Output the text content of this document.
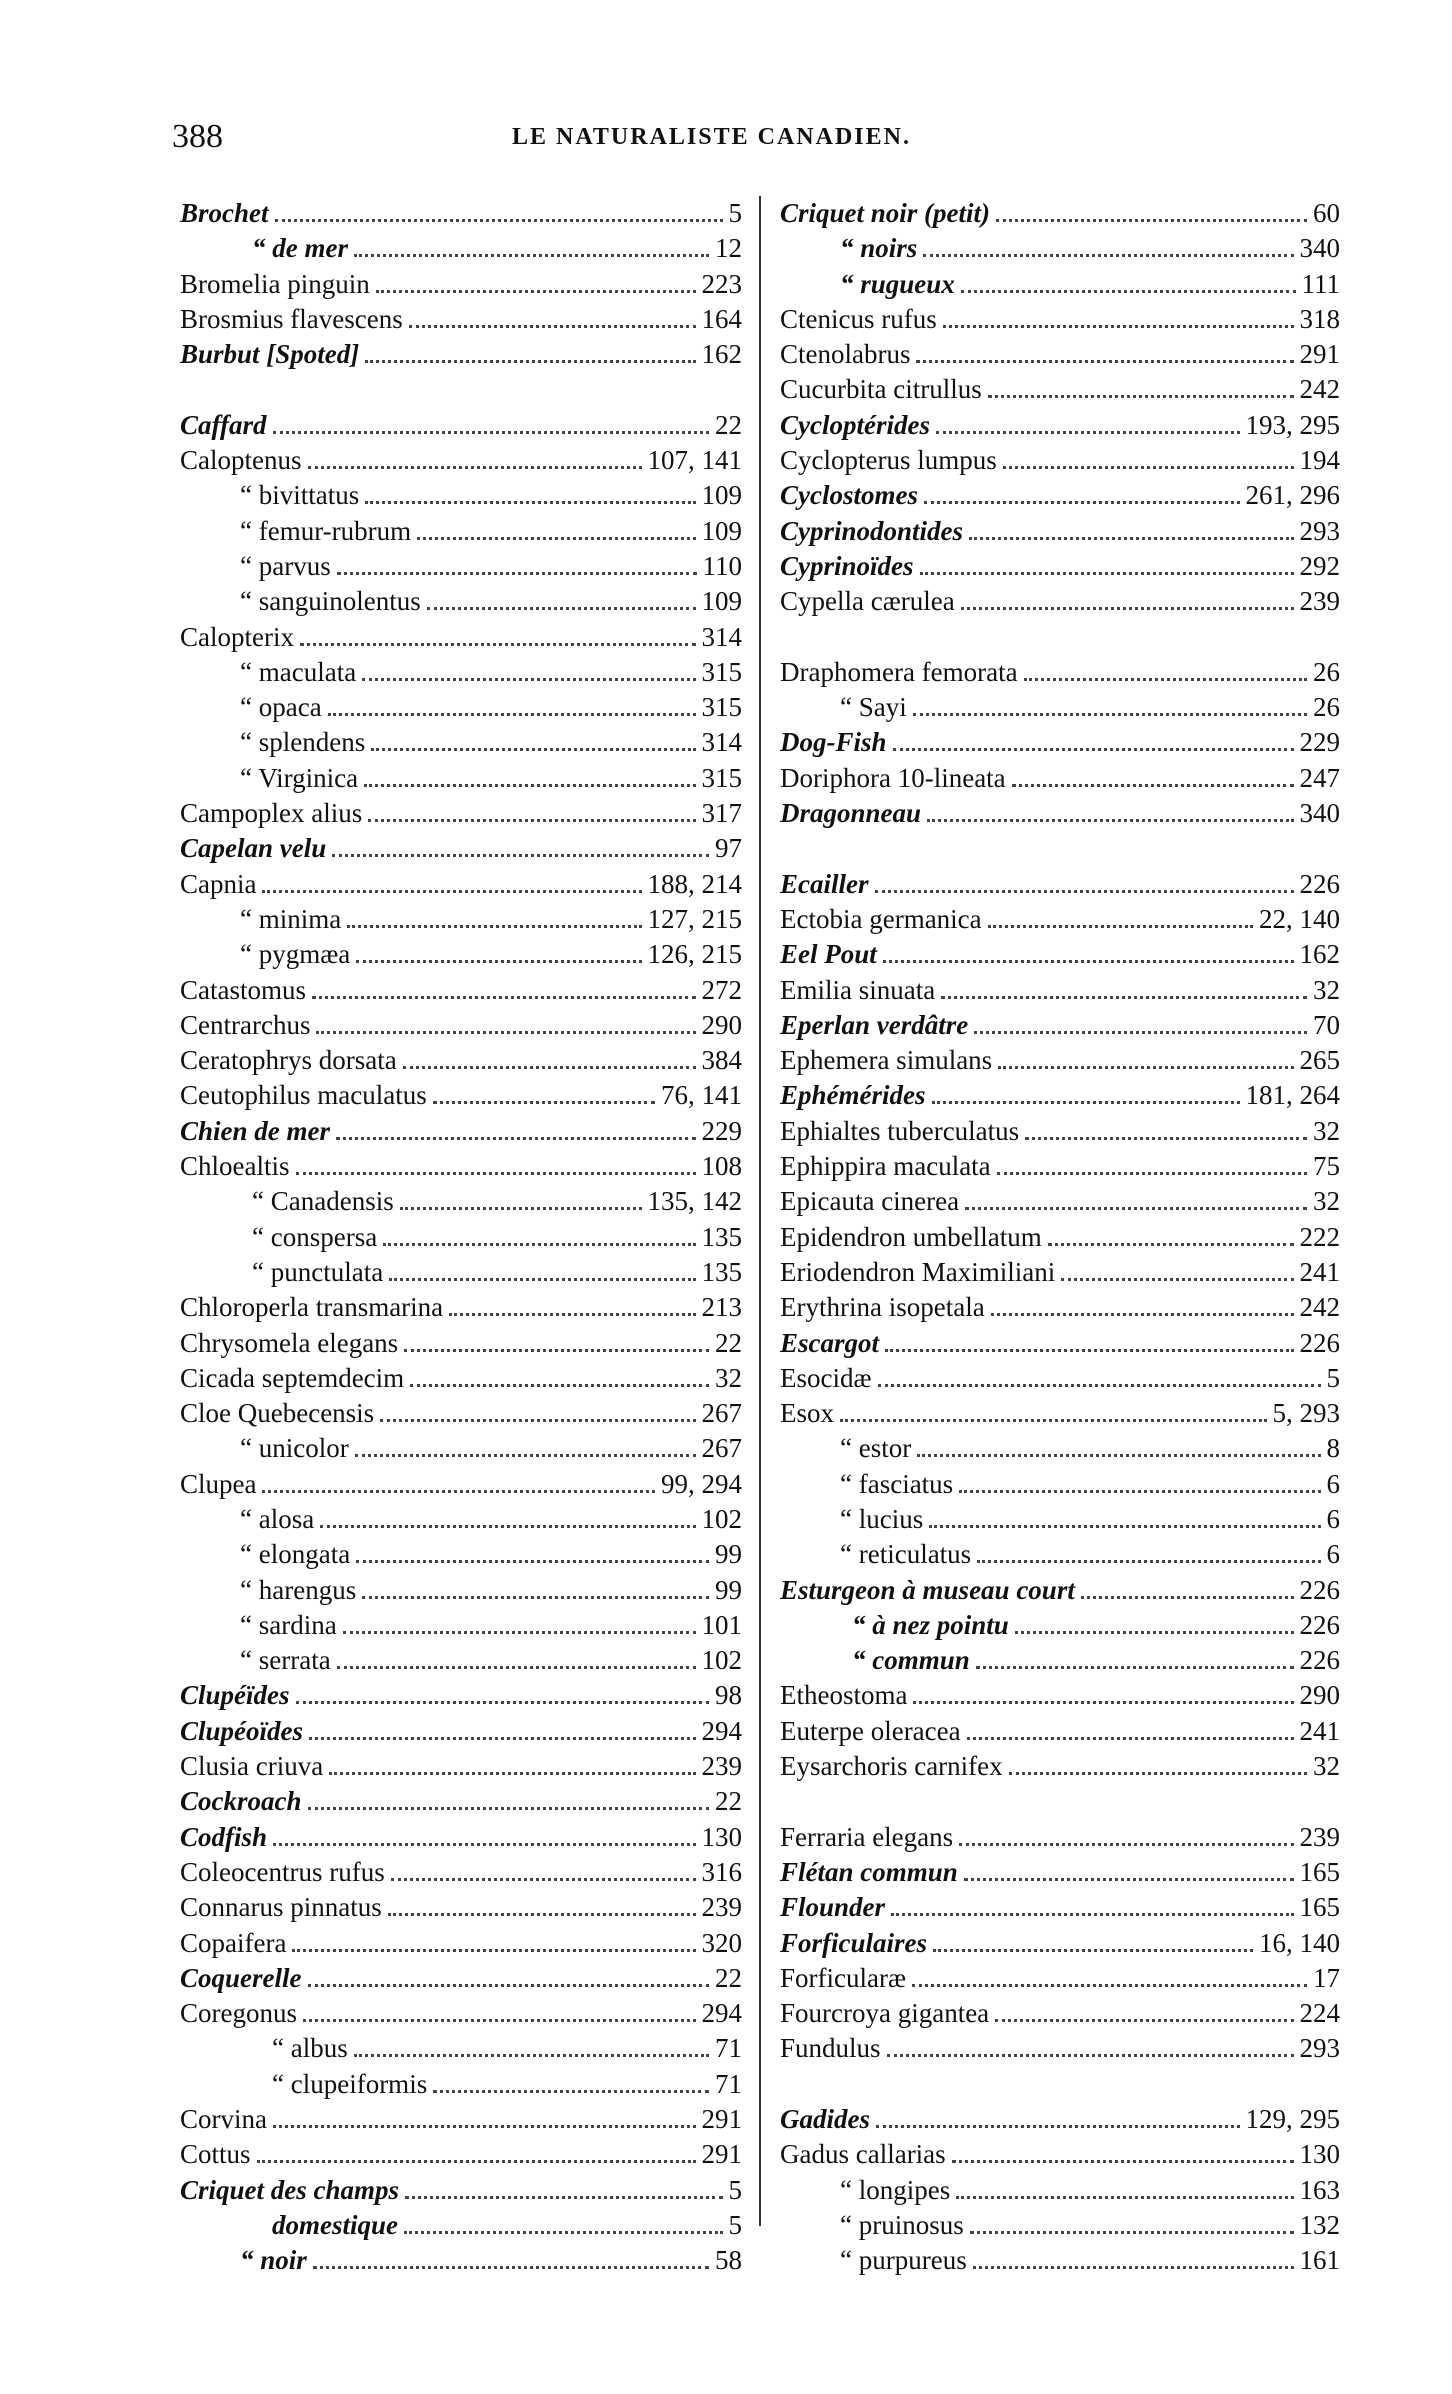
388	LE NATURALISTE CANADIEN.
Brochet	5
“ de mer	12
Bromelia pinguin	223
Brosmius flavescens	164
Burbut [Spoted]	162
Caffard	22
Caloptenus	107, 141
“ bivittatus	109
“ femur-rubrum	109
“ parvus	110
“ sanguinolentus	109
Calopterix	314
“ maculata	315
“ opaca	315
“ splendens	314
“ Virginica	315
Campoplex alius	317
Capelan velu	97
Capnia	188, 214
“ minima	127, 215
“ pygmæa	126, 215
Catastomus	272
Centrarchus	290
Ceratophrys dorsata	384
Ceutophilus maculatus	76, 141
Chien de mer	229
Chloealtis	108
“ Canadensis	135, 142
“ conspersa	135
“ punctulata	135
Chloroperla transmarina	213
Chrysomela elegans	22
Cicada septemdecim	32
Cloe Quebecensis	267
“ unicolor	267
Clupea	99, 294
“ alosa	102
“ elongata	99
“ harengus	99
“ sardina	101
“ serrata	102
Clupéïdes	98
Clupéoïdes	294
Clusia criuva	239
Cockroach	22
Codfish	130
Coleocentrus rufus	316
Connarus pinnatus	239
Copaifera	320
Coquerelle	22
Coregonus	294
“ albus	71
“ clupeiformis	71
Corvina	291
Cottus	291
Criquet des champs	5
domestique	5
“ noir	58
Criquet noir (petit)	60
“ noirs	340
“ rugueux	111
Ctenicus rufus	318
Ctenolabrus	291
Cucurbita citrullus	242
Cycloptérides	193, 295
Cyclopterus lumpus	194
Cyclostomes	261, 296
Cyprinodontides	293
Cyprinoïdes	292
Cypella cærulea	239
Draphomera femorata	26
“ Sayi	26
Dog-Fish	229
Doriphora 10-lineata	247
Dragonneau	340
Ecailler	226
Ectobia germanica	22, 140
Eel Pout	162
Emilia sinuata	32
Eperlan verdâtre	70
Ephemera simulans	265
Ephémérides	181, 264
Ephialtes tuberculatus	32
Ephippira maculata	75
Epicauta cinerea	32
Epidendron umbellatum	222
Eriodendron Maximiliani	241
Erythrina isopetala	242
Escargot	226
Esocidæ	5
Esox	5, 293
“ estor	8
“ fasciatus	6
“ lucius	6
“ reticulatus	6
Esturgeon à museau court	226
“ à nez pointu	226
“ commun	226
Etheostoma	290
Euterpe oleracea	241
Eysarchoris carnifex	32
Ferraria elegans	239
Flétan commun	165
Flounder	165
Forficulaires	16, 140
Forficularæ	17
Fourcroya gigantea	224
Fundulus	293
Gadides	129, 295
Gadus callarias	130
“ longipes	163
“ pruinosus	132
“ purpureus	161
